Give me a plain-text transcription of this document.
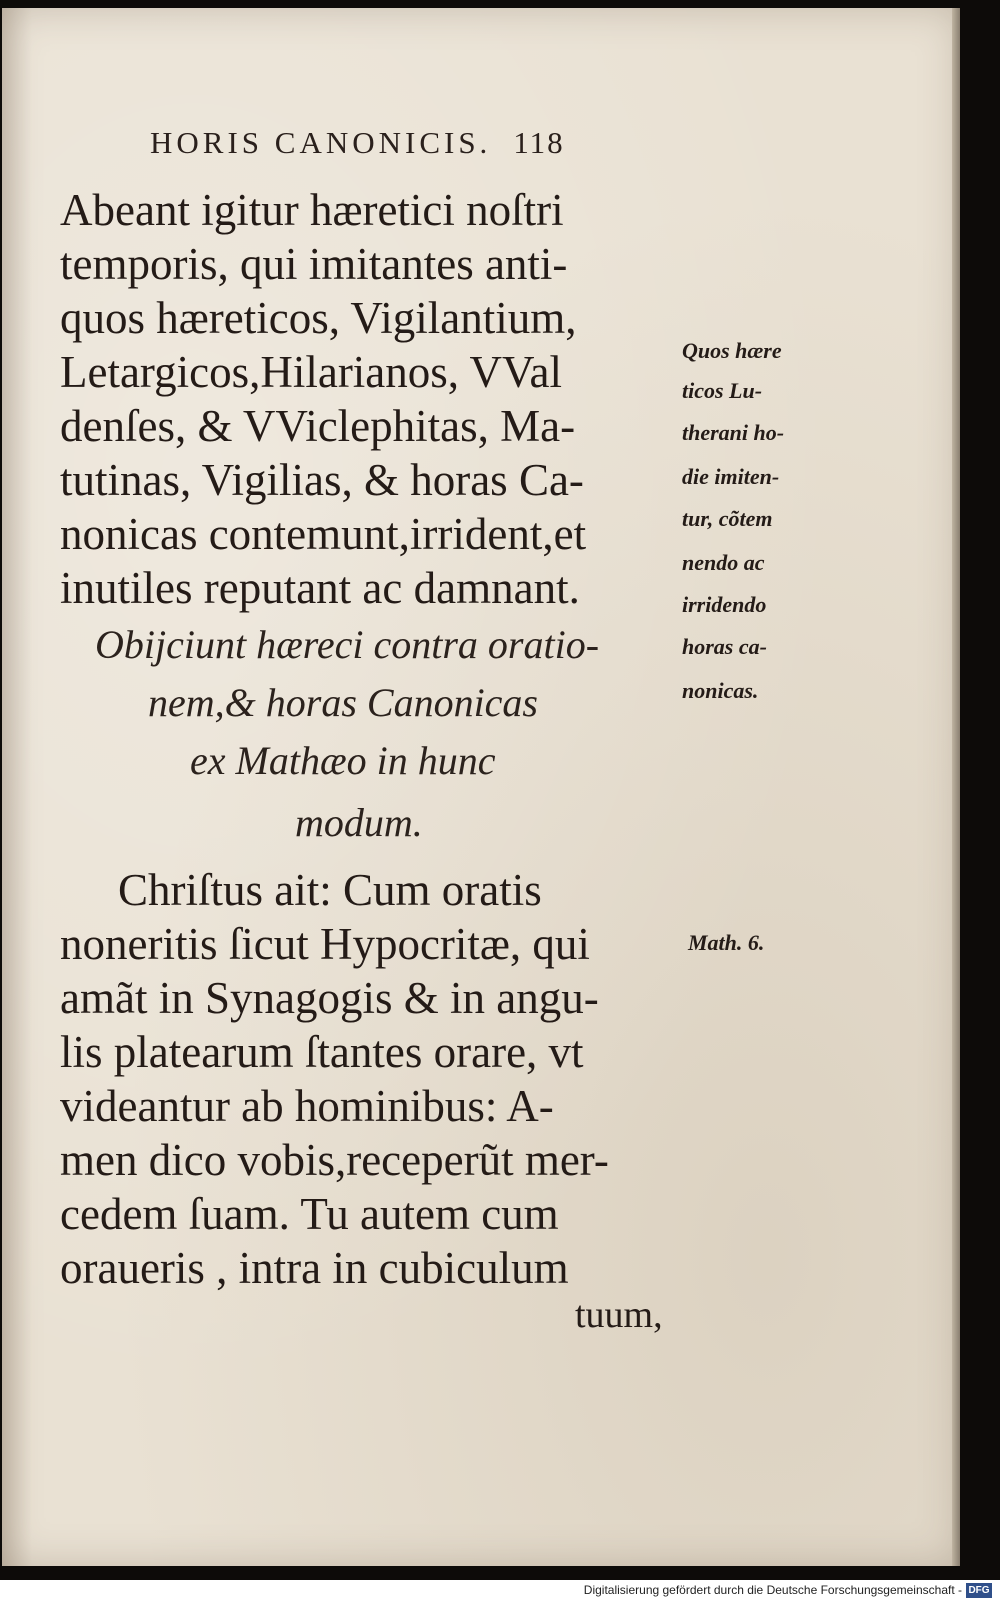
HORIS CANONICIS. 118
Abeant igitur hæretici noſtri
temporis, qui imitantes anti-
quos hæreticos, Vigilantium,
Letargicos,Hilarianos, VVal
denſes, & VViclephitas, Ma-
tutinas, Vigilias, & horas Ca-
nonicas contemunt,irrident,et
inutiles reputant ac damnant.
Obijciunt hæreci contra oratio-
nem,& horas Canonicas
ex Mathæo in hunc
modum.
Chriſtus ait: Cum oratis
noneritis ſicut Hypocritæ, qui
amãt in Synagogis & in angu-
lis platearum ſtantes orare, vt
videantur ab hominibus: A-
men dico vobis,receperũt mer-
cedem ſuam. Tu autem cum
oraueris , intra in cubiculum
tuum,
Quos hære
ticos Lu-
therani ho-
die imiten-
tur, cõtem
nendo ac
irridendo
horas ca-
nonicas.
Math. 6.
Digitalisierung gefördert durch die Deutsche Forschungsgemeinschaft - DFG
